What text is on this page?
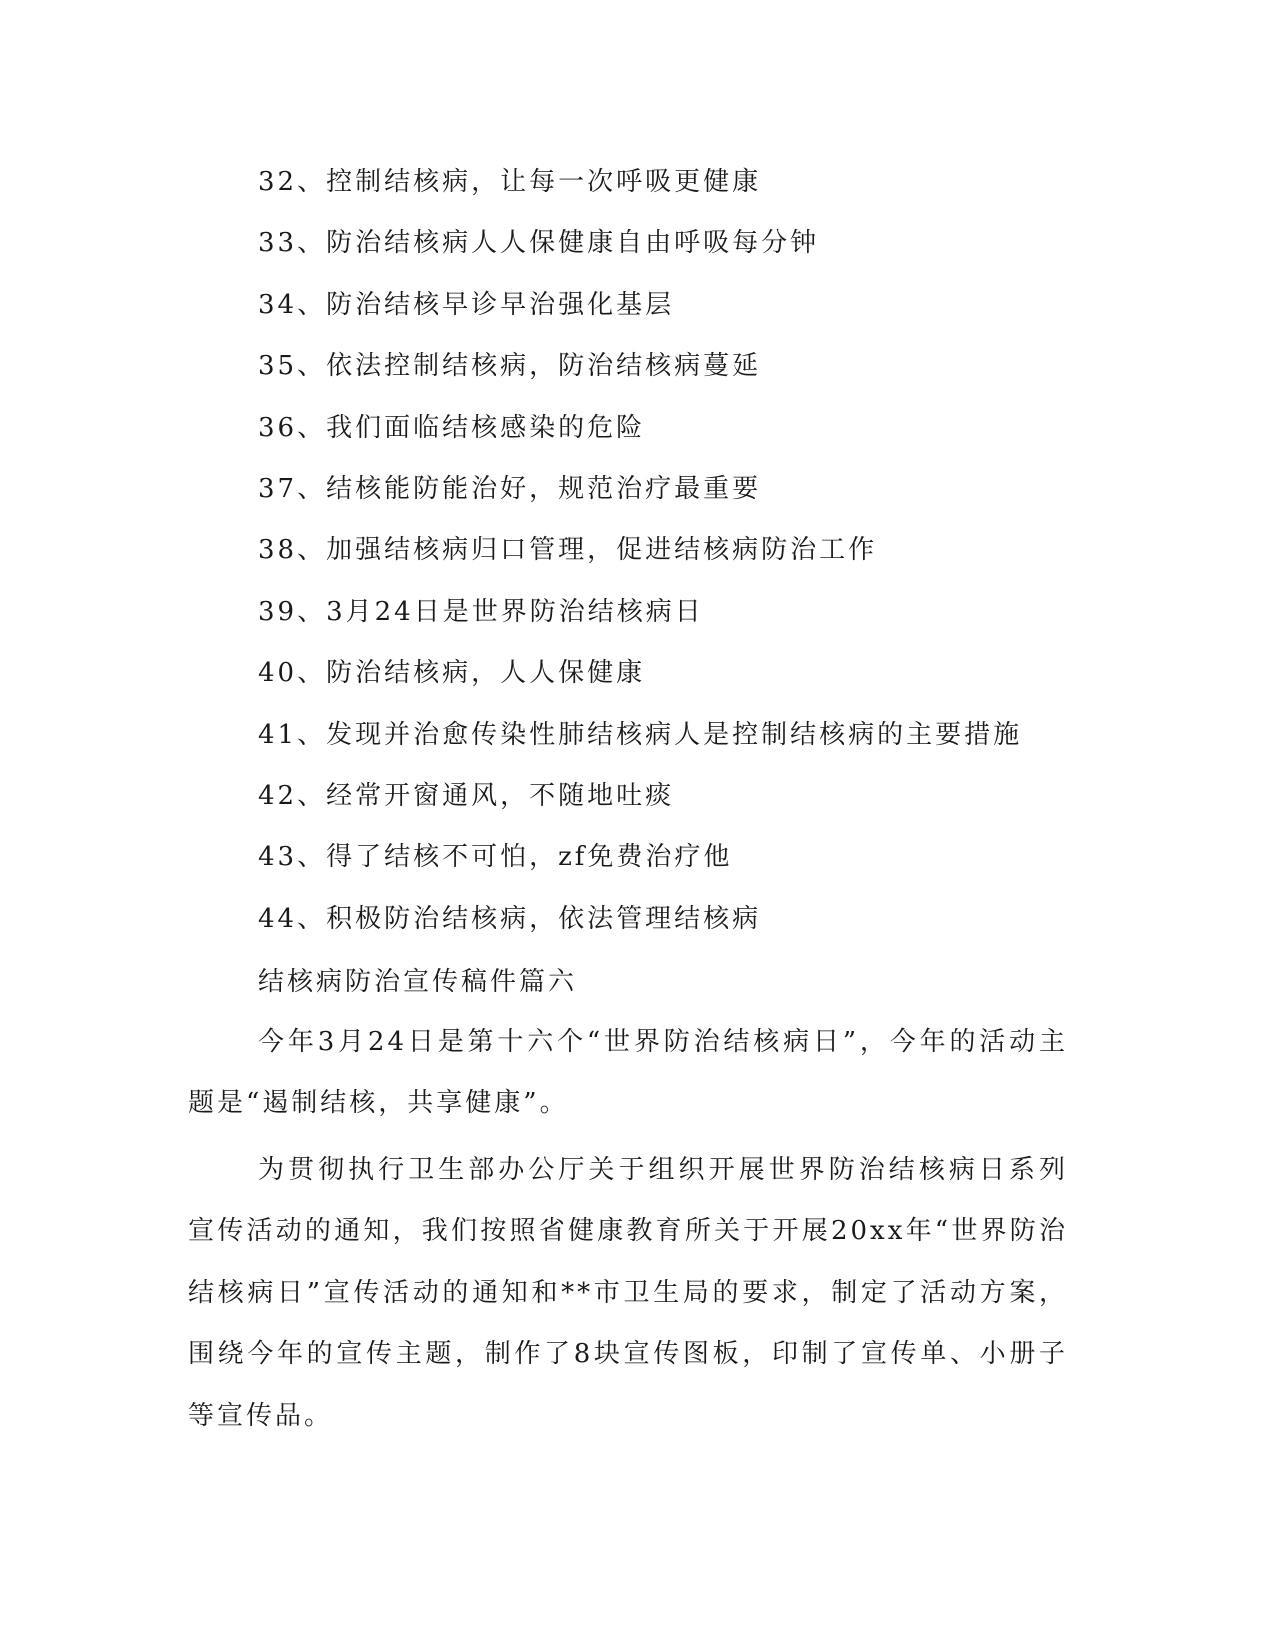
32、控制结核病，让每一次呼吸更健康
33、防治结核病人人保健康自由呼吸每分钟
34、防治结核早诊早治强化基层
35、依法控制结核病，防治结核病蔓延
36、我们面临结核感染的危险
37、结核能防能治好，规范治疗最重要
38、加强结核病归口管理，促进结核病防治工作
39、3月24日是世界防治结核病日
40、防治结核病，人人保健康
41、发现并治愈传染性肺结核病人是控制结核病的主要措施
42、经常开窗通风，不随地吐痰
43、得了结核不可怕，zf免费治疗他
44、积极防治结核病，依法管理结核病
结核病防治宣传稿件篇六

今年3月24日是第十六个“世界防治结核病日”，今年的活动主题是“遏制结核，共享健康”。

为贯彻执行卫生部办公厅关于组织开展世界防治结核病日系列宣传活动的通知，我们按照省健康教育所关于开展20xx年“世界防治结核病日”宣传活动的通知和**市卫生局的要求，制定了活动方案，围绕今年的宣传主题，制作了8块宣传图板，印制了宣传单、小册子等宣传品。
